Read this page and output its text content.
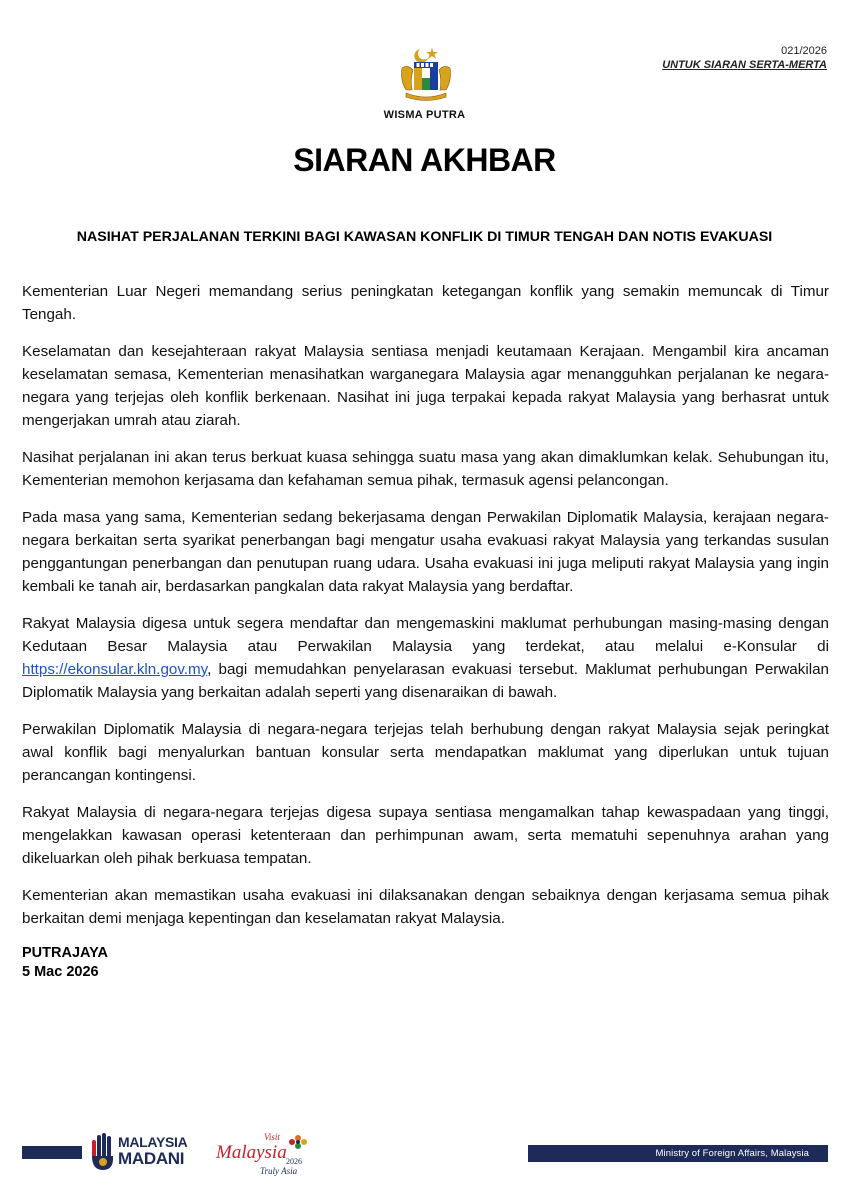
021/2026
UNTUK SIARAN SERTA-MERTA
WISMA PUTRA
SIARAN AKHBAR
NASIHAT PERJALANAN TERKINI BAGI KAWASAN KONFLIK DI TIMUR TENGAH DAN NOTIS EVAKUASI

Kementerian Luar Negeri memandang serius peningkatan ketegangan konflik yang semakin memuncak di Timur Tengah.

Keselamatan dan kesejahteraan rakyat Malaysia sentiasa menjadi keutamaan Kerajaan. Mengambil kira ancaman keselamatan semasa, Kementerian menasihatkan warganegara Malaysia agar menangguhkan perjalanan ke negara-negara yang terjejas oleh konflik berkenaan. Nasihat ini juga terpakai kepada rakyat Malaysia yang berhasrat untuk mengerjakan umrah atau ziarah.

Nasihat perjalanan ini akan terus berkuat kuasa sehingga suatu masa yang akan dimaklumkan kelak. Sehubungan itu, Kementerian memohon kerjasama dan kefahaman semua pihak, termasuk agensi pelancongan.

Pada masa yang sama, Kementerian sedang bekerjasama dengan Perwakilan Diplomatik Malaysia, kerajaan negara-negara berkaitan serta syarikat penerbangan bagi mengatur usaha evakuasi rakyat Malaysia yang terkandas susulan penggantungan penerbangan dan penutupan ruang udara. Usaha evakuasi ini juga meliputi rakyat Malaysia yang ingin kembali ke tanah air, berdasarkan pangkalan data rakyat Malaysia yang berdaftar.

Rakyat Malaysia digesa untuk segera mendaftar dan mengemaskini maklumat perhubungan masing-masing dengan Kedutaan Besar Malaysia atau Perwakilan Malaysia yang terdekat, atau melalui e-Konsular di https://ekonsular.kln.gov.my, bagi memudahkan penyelarasan evakuasi tersebut. Maklumat perhubungan Perwakilan Diplomatik Malaysia yang berkaitan adalah seperti yang disenaraikan di bawah.

Perwakilan Diplomatik Malaysia di negara-negara terjejas telah berhubung dengan rakyat Malaysia sejak peringkat awal konflik bagi menyalurkan bantuan konsular serta mendapatkan maklumat yang diperlukan untuk tujuan perancangan kontingensi.

Rakyat Malaysia di negara-negara terjejas digesa supaya sentiasa mengamalkan tahap kewaspadaan yang tinggi, mengelakkan kawasan operasi ketenteraan dan perhimpunan awam, serta mematuhi sepenuhnya arahan yang dikeluarkan oleh pihak berkuasa tempatan.

Kementerian akan memastikan usaha evakuasi ini dilaksanakan dengan sebaiknya dengan kerjasama semua pihak berkaitan demi menjaga kepentingan dan keselamatan rakyat Malaysia.

PUTRAJAYA
5 Mac 2026
MALAYSIA
MADANI
Visit
Malaysia 2026
Truly Asia
Ministry of Foreign Affairs, Malaysia
